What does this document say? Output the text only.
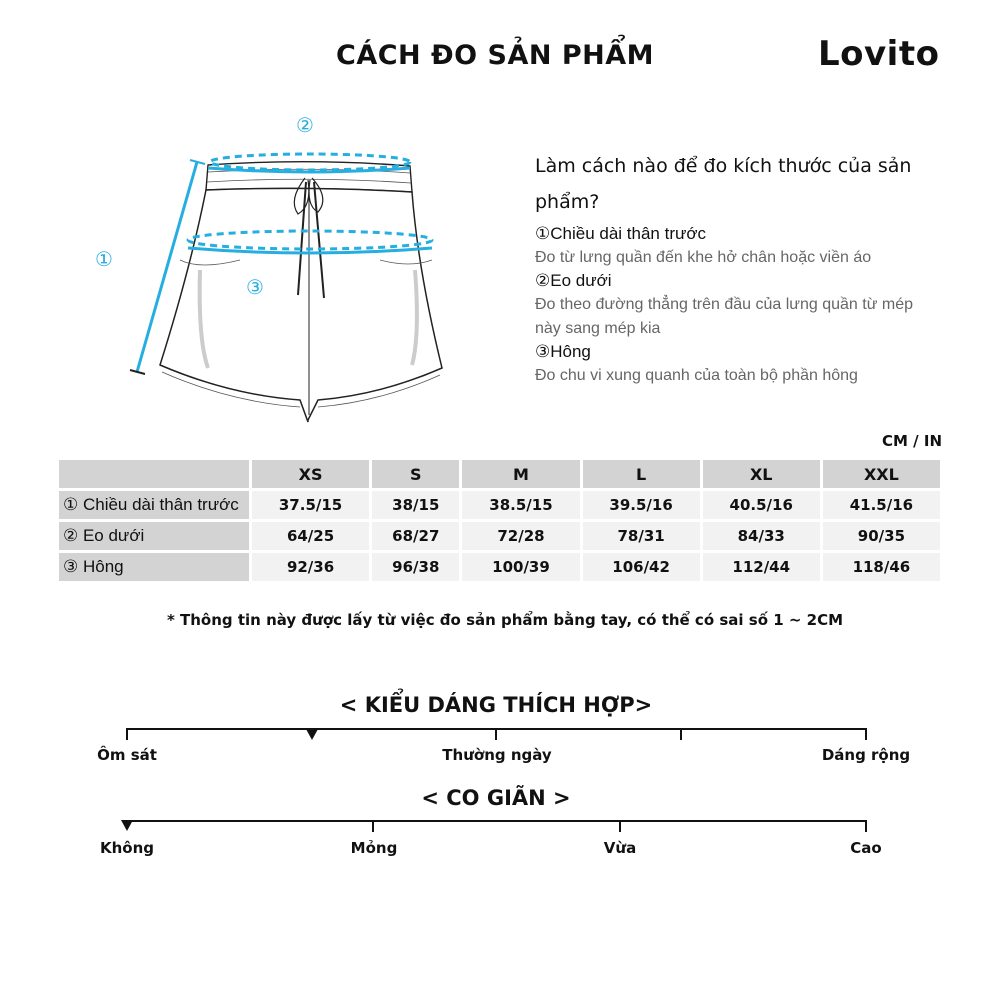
CÁCH ĐO SẢN PHẨM	Lovito
②
①
③
Làm cách nào để đo kích thước của sản phẩm?
①Chiều dài thân trước
Đo từ lưng quần đến khe hở chân hoặc viền áo
②Eo dưới
Đo theo đường thẳng trên đầu của lưng quần từ mép này sang mép kia
③Hông
Đo chu vi xung quanh của toàn bộ phần hông
CM / IN
	XS	S	M	L	XL	XXL
① Chiều dài thân trước	37.5/15	38/15	38.5/15	39.5/16	40.5/16	41.5/16
② Eo dưới	64/25	68/27	72/28	78/31	84/33	90/35
③ Hông	92/36	96/38	100/39	106/42	112/44	118/46
* Thông tin này được lấy từ việc đo sản phẩm bằng tay, có thể có sai số 1 ~ 2CM
< KIỂU DÁNG THÍCH HỢP>
Ôm sát	Thường ngày	Dáng rộng
< CO GIÃN >
Không	Mỏng	Vừa	Cao
